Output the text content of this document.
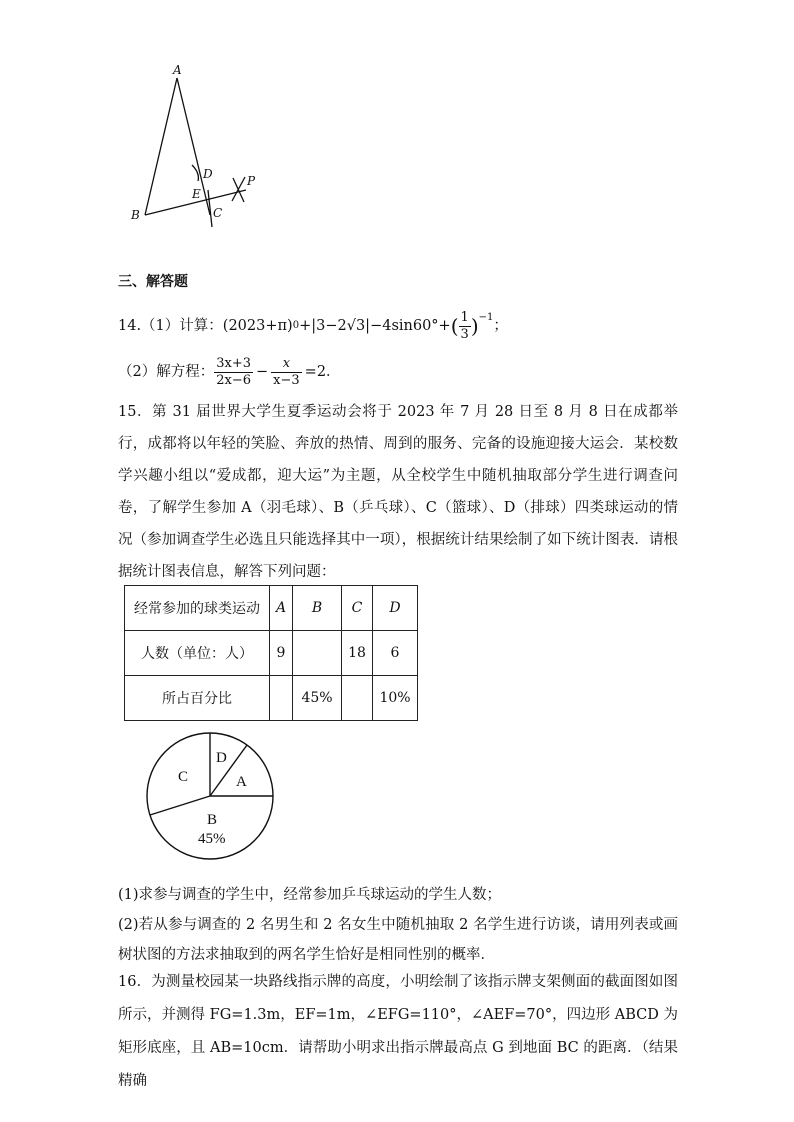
A
B	C
D
E
P
三、解答题
14.（1）计算： (2023+π) 0 +|3−2√3|−4sin60°+ ( $\frac{1}{3} )^{-1}$
；
（2）解方程： $\frac{3x+3}{2x-6} - \frac{x}{x-3} =2$．
15．第 31 届世界大学生夏季运动会将于 2023 年 7 月 28 日至 8 月 8 日在成都举行，成都将以年轻的笑脸、奔放的热情、周到的服务、完备的设施迎接大运会．某校数学兴趣小组以“爱成都，迎大运”为主题，从全校学生中随机抽取部分学生进行调查问卷，了解学生参加 A（羽毛球）、B（乒乓球）、C（篮球）、D（排球）四类球运动的情况（参加调查学生必选且只能选择其中一项），根据统计结果绘制了如下统计图表．请根据统计图表信息，解答下列问题：
经常参加的球类运动	A	B	C	D
人数（单位：人）	9		18	6
所占百分比		45%		10%
D
A
C
B
45%
(1)求参与调查的学生中，经常参加乒乓球运动的学生人数；
(2)若从参与调查的 2 名男生和 2 名女生中随机抽取 2 名学生进行访谈，请用列表或画树状图的方法求抽取到的两名学生恰好是相同性别的概率．
16．为测量校园某一块路线指示牌的高度，小明绘制了该指示牌支架侧面的截面图如图所示，并测得 FG=1.3m，EF=1m，∠EFG=110°，∠AEF=70°，四边形 ABCD 为矩形底座，且 AB=10cm．请帮助小明求出指示牌最高点 G 到地面 BC 的距离．（结果精确
